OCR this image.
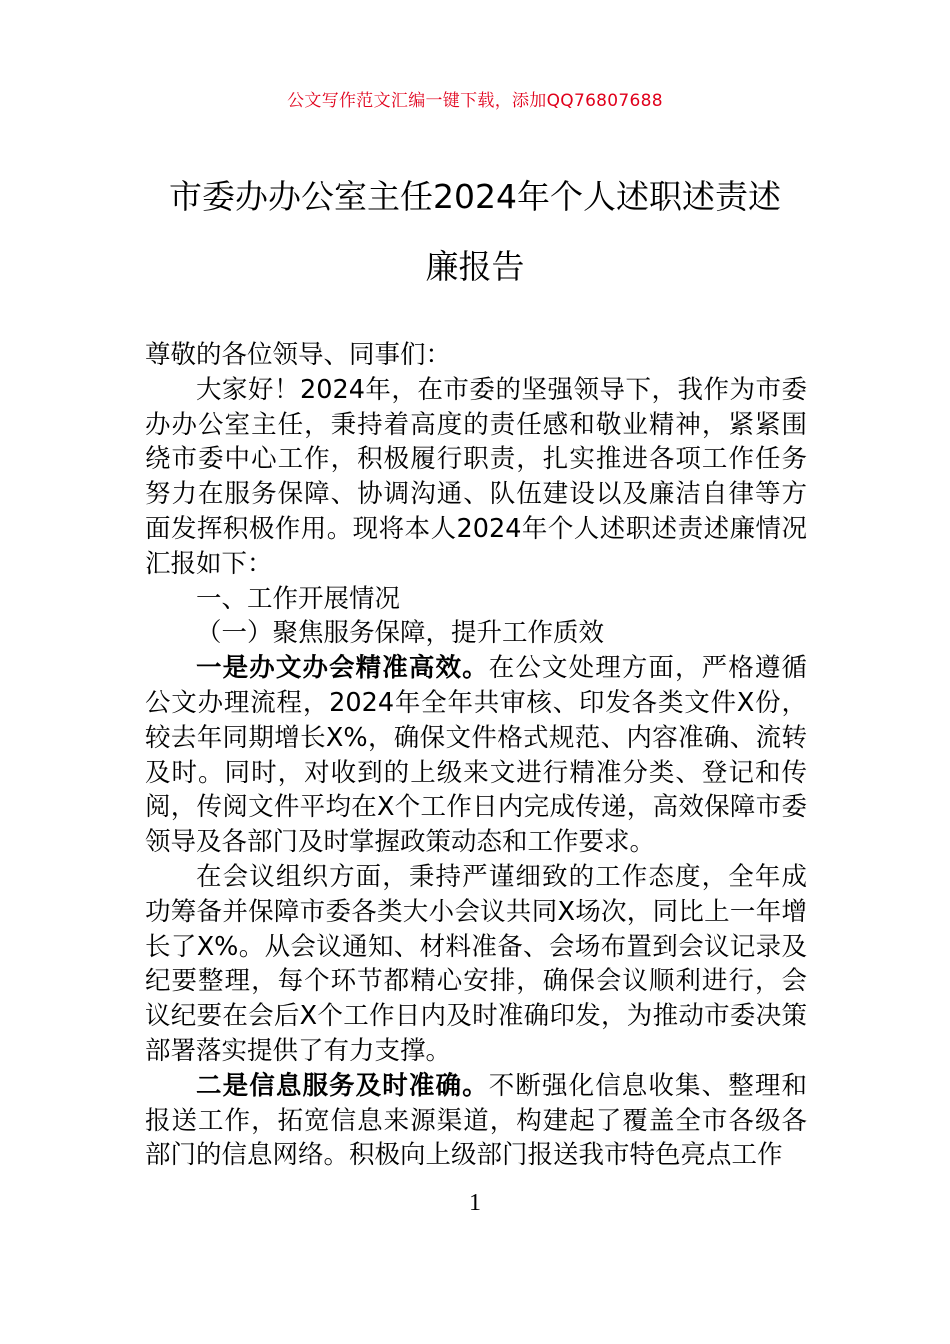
公文写作范文汇编一键下载，添加QQ76807688
市委办办公室主任2024年个人述职述责述
廉报告

尊敬的各位领导、同事们：

大家好！2024年，在市委的坚强领导下，我作为市委办办公室主任，秉持着高度的责任感和敬业精神，紧紧围绕市委中心工作，积极履行职责，扎实推进各项工作任务努力在服务保障、协调沟通、队伍建设以及廉洁自律等方面发挥积极作用。现将本人2024年个人述职述责述廉情况汇报如下：

一、工作开展情况

（一）聚焦服务保障，提升工作质效

一是办文办会精准高效。在公文处理方面，严格遵循公文办理流程，2024年全年共审核、印发各类文件X份，较去年同期增长X%，确保文件格式规范、内容准确、流转及时。同时，对收到的上级来文进行精准分类、登记和传阅，传阅文件平均在X个工作日内完成传递，高效保障市委领导及各部门及时掌握政策动态和工作要求。

在会议组织方面，秉持严谨细致的工作态度，全年成功筹备并保障市委各类大小会议共同X场次，同比上一年增长了X%。从会议通知、材料准备、会场布置到会议记录及纪要整理，每个环节都精心安排，确保会议顺利进行，会议纪要在会后X个工作日内及时准确印发，为推动市委决策部署落实提供了有力支撑。

二是信息服务及时准确。不断强化信息收集、整理和报送工作，拓宽信息来源渠道，构建起了覆盖全市各级各部门的信息网络。积极向上级部门报送我市特色亮点工作

1
